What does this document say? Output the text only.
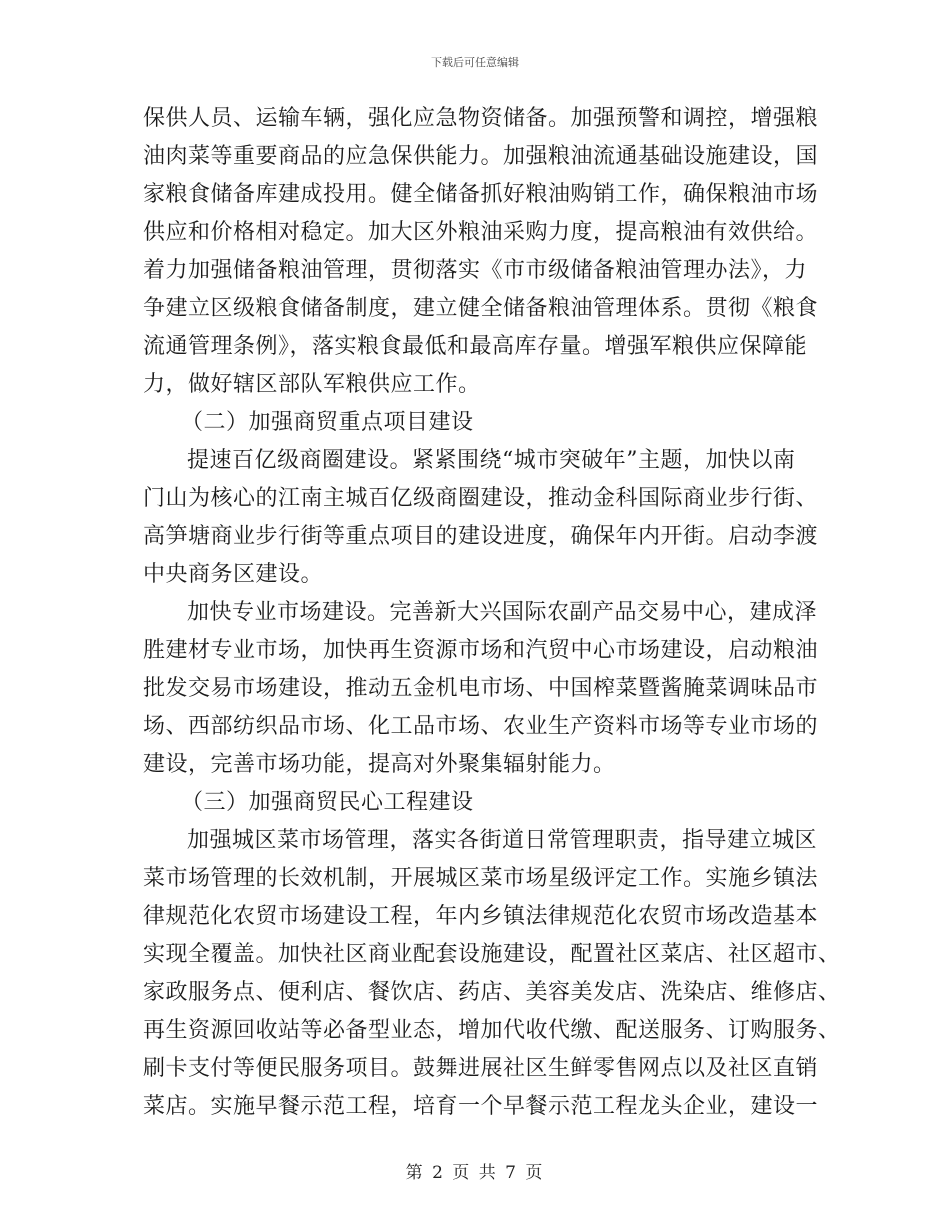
下载后可任意编辑
保供人员、运输车辆，强化应急物资储备。加强预警和调控，增强粮
油肉菜等重要商品的应急保供能力。加强粮油流通基础设施建设，国
家粮食储备库建成投用。健全储备抓好粮油购销工作，确保粮油市场
供应和价格相对稳定。加大区外粮油采购力度，提高粮油有效供给。
着力加强储备粮油管理，贯彻落实《市市级储备粮油管理办法》，力
争建立区级粮食储备制度，建立健全储备粮油管理体系。贯彻《粮食
流通管理条例》，落实粮食最低和最高库存量。增强军粮供应保障能
力，做好辖区部队军粮供应工作。
（二）加强商贸重点项目建设
提速百亿级商圈建设。紧紧围绕“城市突破年”主题，加快以南
门山为核心的江南主城百亿级商圈建设，推动金科国际商业步行街、
高笋塘商业步行街等重点项目的建设进度，确保年内开街。启动李渡
中央商务区建设。
加快专业市场建设。完善新大兴国际农副产品交易中心，建成泽
胜建材专业市场，加快再生资源市场和汽贸中心市场建设，启动粮油
批发交易市场建设，推动五金机电市场、中国榨菜暨酱腌菜调味品市
场、西部纺织品市场、化工品市场、农业生产资料市场等专业市场的
建设，完善市场功能，提高对外聚集辐射能力。
（三）加强商贸民心工程建设
加强城区菜市场管理，落实各街道日常管理职责，指导建立城区
菜市场管理的长效机制，开展城区菜市场星级评定工作。实施乡镇法
律规范化农贸市场建设工程，年内乡镇法律规范化农贸市场改造基本
实现全覆盖。加快社区商业配套设施建设，配置社区菜店、社区超市、
家政服务点、便利店、餐饮店、药店、美容美发店、洗染店、维修店、
再生资源回收站等必备型业态，增加代收代缴、配送服务、订购服务、
刷卡支付等便民服务项目。鼓舞进展社区生鲜零售网点以及社区直销
菜店。实施早餐示范工程，培育一个早餐示范工程龙头企业，建设一
第 2 页 共 7 页
